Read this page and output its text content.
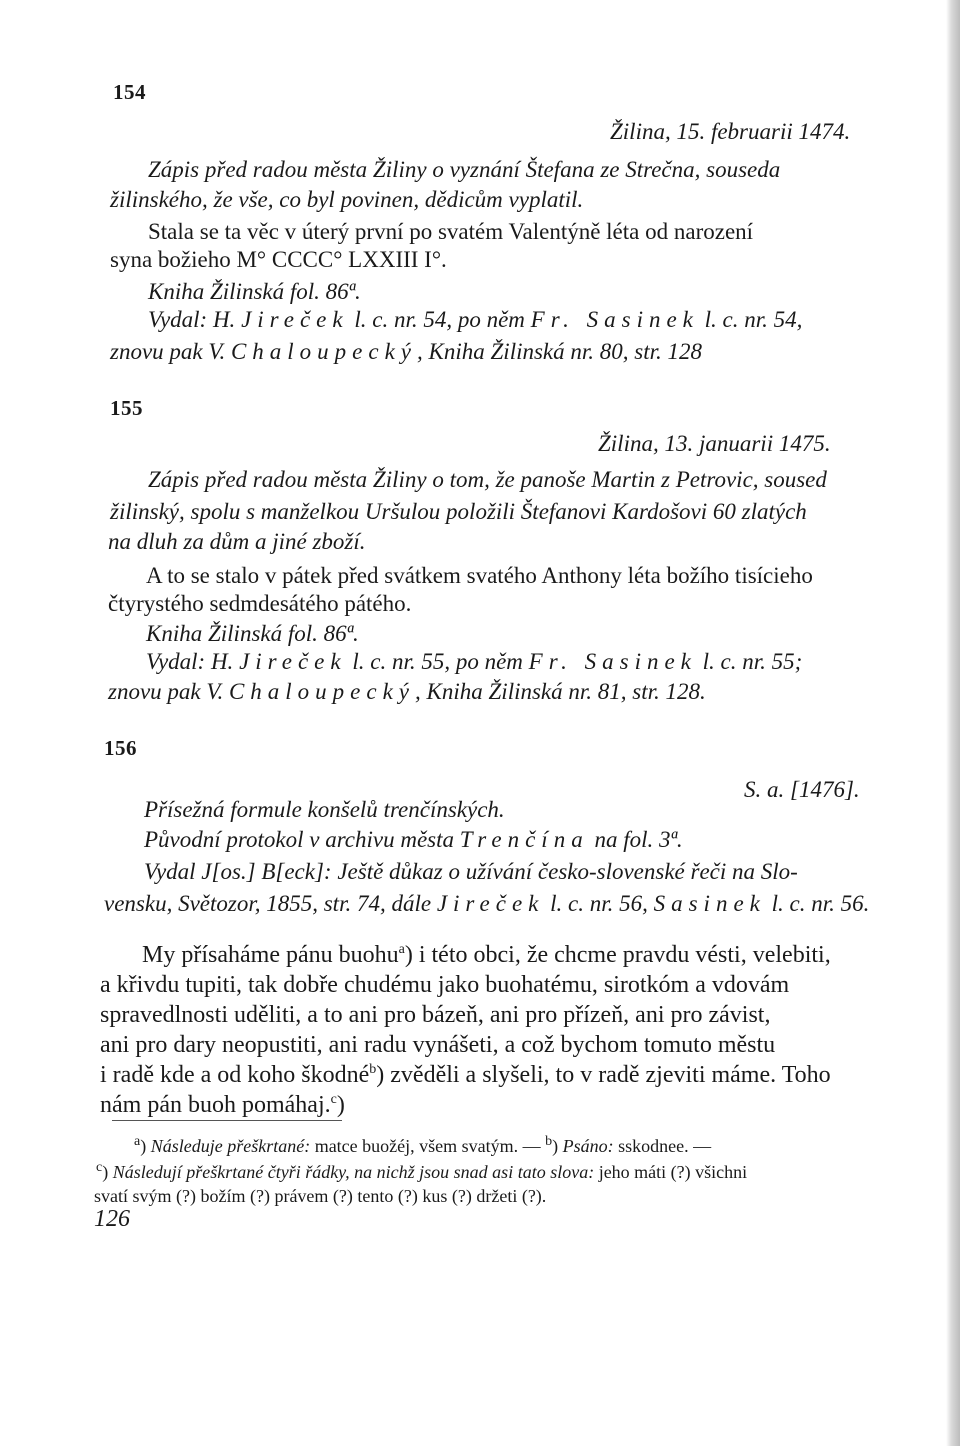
154
Žilina, 15. februarii 1474.
Zápis před radou města Žiliny o vyznání Štefana ze Strečna, souseda
žilinského, že vše, co byl povinen, dědicům vyplatil.
Stala se ta věc v úterý první po svatém Valentýně léta od narození
syna božieho M° CCCC° LXXIII I°.
Kniha Žilinská fol. 86ª.
Vydal: H. Jireček l. c. nr. 54, po něm Fr. Sasinek l. c. nr. 54,
znovu pak V. Chaloupecký, Kniha Žilinská nr. 80, str. 128
155
Žilina, 13. januarii 1475.
Zápis před radou města Žiliny o tom, že panoše Martin z Petrovic, soused
žilinský, spolu s manželkou Uršulou položili Štefanovi Kardošovi 60 zlatých
na dluh za dům a jiné zboží.
A to se stalo v pátek před svátkem svatého Anthony léta božího tisícieho
čtyrystého sedmdesátého pátého.
Kniha Žilinská fol. 86ª.
Vydal: H. Jireček l. c. nr. 55, po něm Fr. Sasinek l. c. nr. 55;
znovu pak V. Chaloupecký, Kniha Žilinská nr. 81, str. 128.
156
S. a. [1476].
Přísežná formule konšelů trenčínských.
Původní protokol v archivu města Trenčína na fol. 3ª.
Vydal J[os.] B[eck]: Ještě důkaz o užívání česko-slovenské řeči na Slo-
vensku, Světozor, 1855, str. 74, dále Jireček l. c. nr. 56, Sasinek l. c. nr. 56.
My přísaháme pánu buohu$^a$) i této obci, že chcme pravdu vésti, velebiti,
a křivdu tupiti, tak dobře chudému jako buohatému, sirotkóm a vdovám
spravedlnosti uděliti, a to ani pro bázeň, ani pro přízeň, ani pro závist,
ani pro dary neopustiti, ani radu vynášeti, a což bychom tomuto městu
i radě kde a od koho škodné$^b$) zvěděli a slyšeli, to v radě zjeviti máme. Toho
nám pán buoh pomáhaj.$^c$)
$^a$) Následuje přeškrtané: matce buožéj, všem svatým. — $^b$) Psáno: sskodnee. —
$^c$) Následují přeškrtané čtyři řádky, na nichž jsou snad asi tato slova: jeho máti (?) všichni
svatí svým (?) božím (?) právem (?) tento (?) kus (?) držeti (?).
126
